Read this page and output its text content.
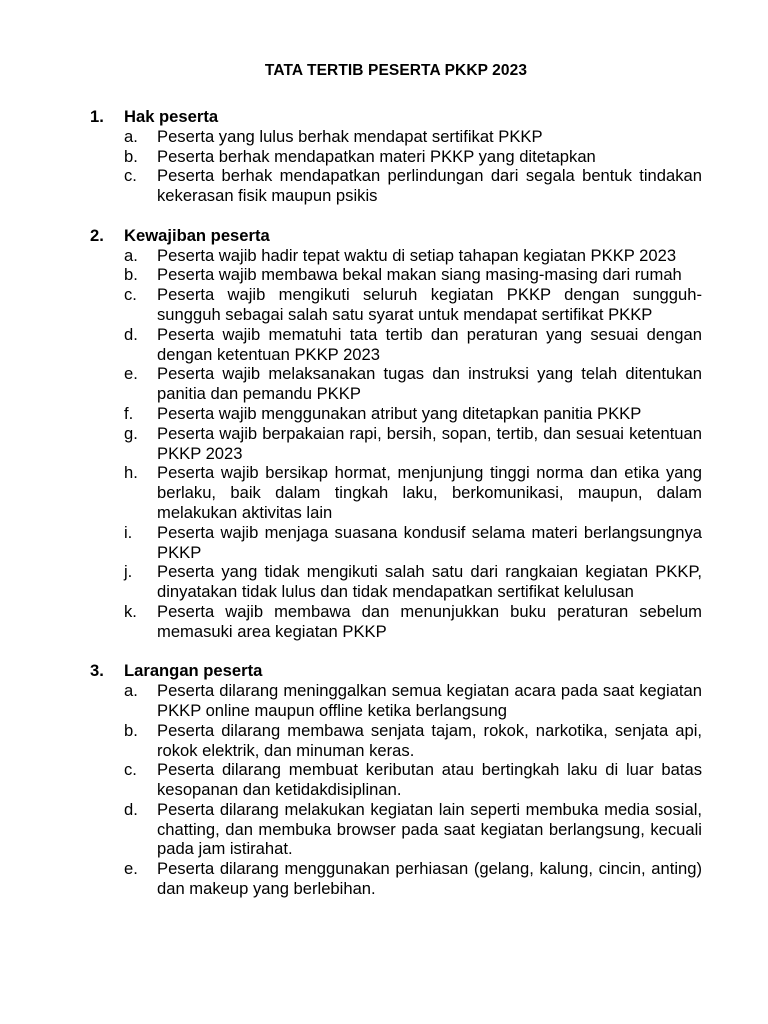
TATA TERTIB PESERTA PKKP 2023
1. Hak peserta
a. Peserta yang lulus berhak mendapat sertifikat PKKP
b. Peserta berhak mendapatkan materi PKKP yang ditetapkan
c. Peserta berhak mendapatkan perlindungan dari segala bentuk tindakan kekerasan fisik maupun psikis
2. Kewajiban peserta
a. Peserta wajib hadir tepat waktu di setiap tahapan kegiatan PKKP 2023
b. Peserta wajib membawa bekal makan siang masing-masing dari rumah
c. Peserta wajib mengikuti seluruh kegiatan PKKP dengan sungguh-sungguh sebagai salah satu syarat untuk mendapat sertifikat PKKP
d. Peserta wajib mematuhi tata tertib dan peraturan yang sesuai dengan dengan ketentuan PKKP 2023
e. Peserta wajib melaksanakan tugas dan instruksi yang telah ditentukan panitia dan pemandu PKKP
f. Peserta wajib menggunakan atribut yang ditetapkan panitia PKKP
g. Peserta wajib berpakaian rapi, bersih, sopan, tertib, dan sesuai ketentuan PKKP 2023
h. Peserta wajib bersikap hormat, menjunjung tinggi norma dan etika yang berlaku, baik dalam tingkah laku, berkomunikasi, maupun, dalam melakukan aktivitas lain
i. Peserta wajib menjaga suasana kondusif selama materi berlangsungnya PKKP
j. Peserta yang tidak mengikuti salah satu dari rangkaian kegiatan PKKP, dinyatakan tidak lulus dan tidak mendapatkan sertifikat kelulusan
k. Peserta wajib membawa dan menunjukkan buku peraturan sebelum memasuki area kegiatan PKKP
3. Larangan peserta
a. Peserta dilarang meninggalkan semua kegiatan acara pada saat kegiatan PKKP online maupun offline ketika berlangsung
b. Peserta dilarang membawa senjata tajam, rokok, narkotika, senjata api, rokok elektrik, dan minuman keras.
c. Peserta dilarang membuat keributan atau bertingkah laku di luar batas kesopanan dan ketidakdisiplinan.
d. Peserta dilarang melakukan kegiatan lain seperti membuka media sosial, chatting, dan membuka browser pada saat kegiatan berlangsung, kecuali pada jam istirahat.
e. Peserta dilarang menggunakan perhiasan (gelang, kalung, cincin, anting) dan makeup yang berlebihan.
